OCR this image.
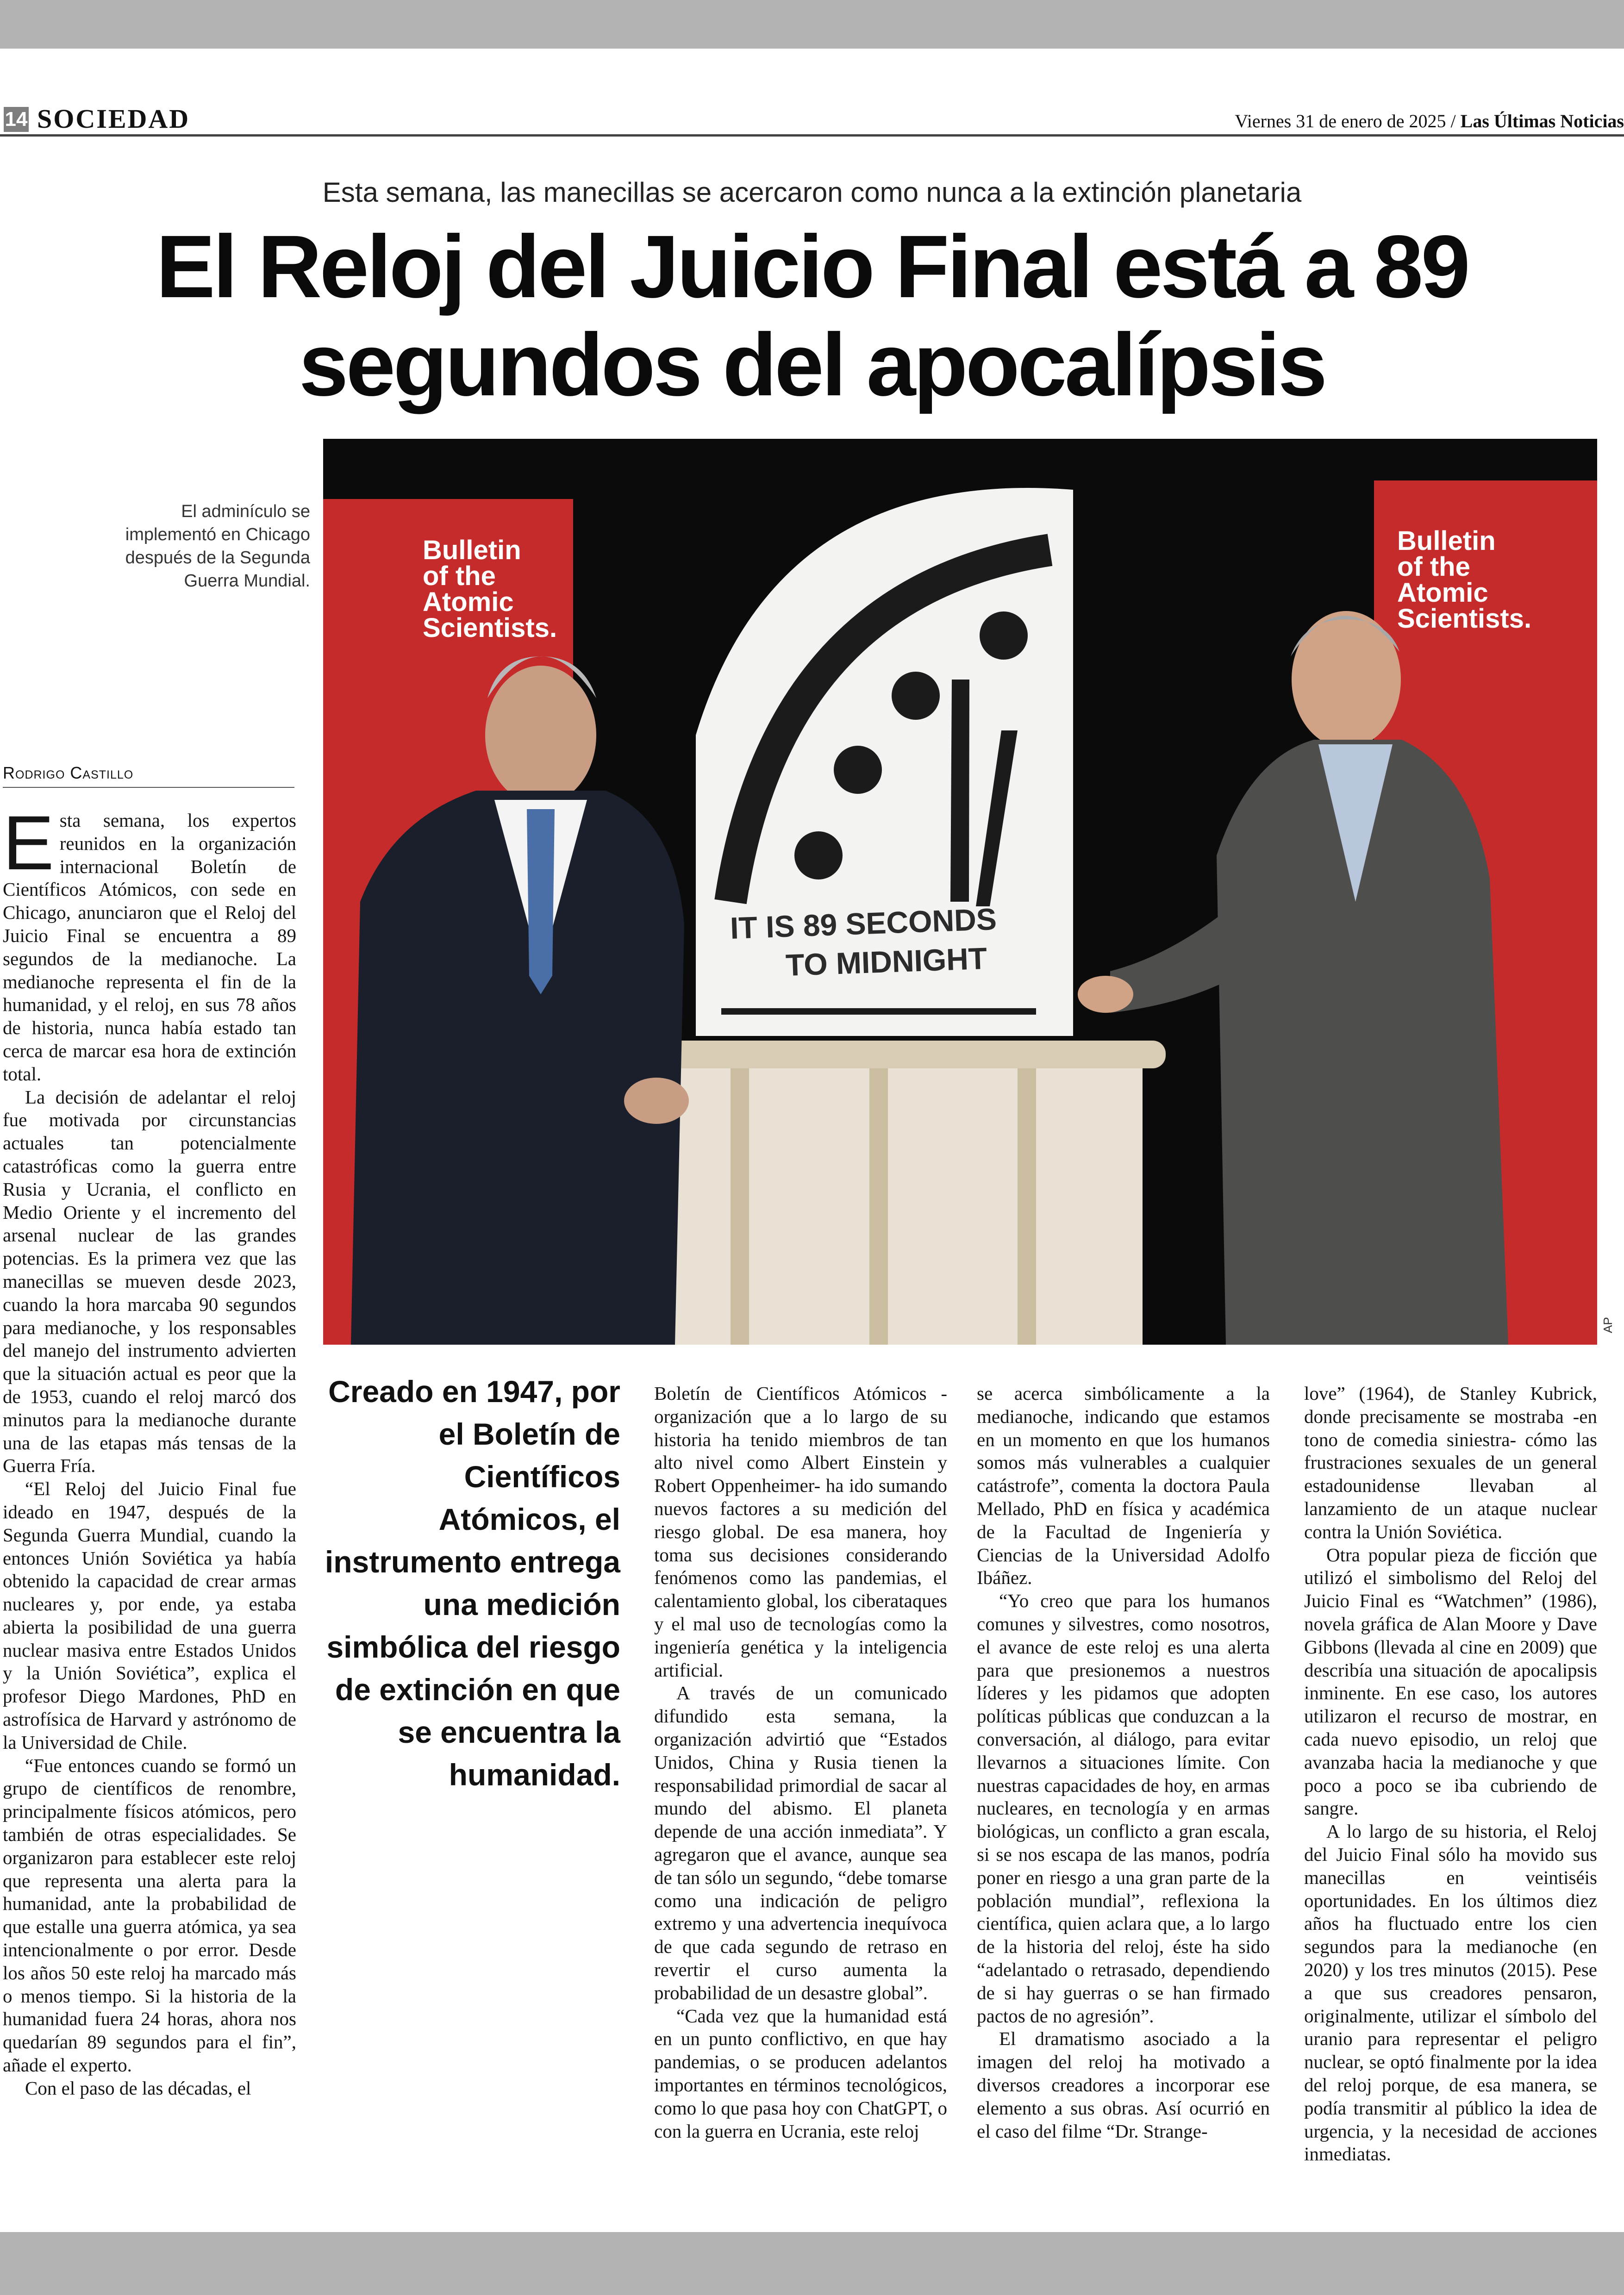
14 SOCIEDAD	Viernes 31 de enero de 2025 / Las Últimas Noticias
Esta semana, las manecillas se acercaron como nunca a la extinción planetaria
El Reloj del Juicio Final está a 89 segundos del apocalípsis
El adminículo se implementó en Chicago después de la Segunda Guerra Mundial.
Bulletin of the Atomic Scientists.
Bulletin of the Atomic Scientists.
IT IS 89 SECONDS
TO MIDNIGHT
AP
Rodrigo Castillo

Esta semana, los expertos reunidos en la organización internacional Boletín de Científicos Atómicos, con sede en Chicago, anunciaron que el Reloj del Juicio Final se encuentra a 89 segundos de la medianoche. La medianoche representa el fin de la humanidad, y el reloj, en sus 78 años de historia, nunca había estado tan cerca de marcar esa hora de extinción total.

La decisión de adelantar el reloj fue motivada por circunstancias actuales tan potencialmente catastróficas como la guerra entre Rusia y Ucrania, el conflicto en Medio Oriente y el incremento del arsenal nuclear de las grandes potencias. Es la primera vez que las manecillas se mueven desde 2023, cuando la hora marcaba 90 segundos para medianoche, y los responsables del manejo del instrumento advierten que la situación actual es peor que la de 1953, cuando el reloj marcó dos minutos para la medianoche durante una de las etapas más tensas de la Guerra Fría.

“El Reloj del Juicio Final fue ideado en 1947, después de la Segunda Guerra Mundial, cuando la entonces Unión Soviética ya había obtenido la capacidad de crear armas nucleares y, por ende, ya estaba abierta la posibilidad de una guerra nuclear masiva entre Estados Unidos y la Unión Soviética”, explica el profesor Diego Mardones, PhD en astrofísica de Harvard y astrónomo de la Universidad de Chile.

“Fue entonces cuando se formó un grupo de científicos de renombre, principalmente físicos atómicos, pero también de otras especialidades. Se organizaron para establecer este reloj que representa una alerta para la humanidad, ante la probabilidad de que estalle una guerra atómica, ya sea intencionalmente o por error. Desde los años 50 este reloj ha marcado más o menos tiempo. Si la historia de la humanidad fuera 24 horas, ahora nos quedarían 89 segundos para el fin”, añade el experto.

Con el paso de las décadas, el

Creado en 1947, por el Boletín de Científicos Atómicos, el instrumento entrega una medición simbólica del riesgo de extinción en que se encuentra la humanidad.

Boletín de Científicos Atómicos -organización que a lo largo de su historia ha tenido miembros de tan alto nivel como Albert Einstein y Robert Oppenheimer- ha ido sumando nuevos factores a su medición del riesgo global. De esa manera, hoy toma sus decisiones considerando fenómenos como las pandemias, el calentamiento global, los ciberataques y el mal uso de tecnologías como la ingeniería genética y la inteligencia artificial.

A través de un comunicado difundido esta semana, la organización advirtió que “Estados Unidos, China y Rusia tienen la responsabilidad primordial de sacar al mundo del abismo. El planeta depende de una acción inmediata”. Y agregaron que el avance, aunque sea de tan sólo un segundo, “debe tomarse como una indicación de peligro extremo y una advertencia inequívoca de que cada segundo de retraso en revertir el curso aumenta la probabilidad de un desastre global”.

“Cada vez que la humanidad está en un punto conflictivo, en que hay pandemias, o se producen adelantos importantes en términos tecnológicos, como lo que pasa hoy con ChatGPT, o con la guerra en Ucrania, este reloj

se acerca simbólicamente a la medianoche, indicando que estamos en un momento en que los humanos somos más vulnerables a cualquier catástrofe”, comenta la doctora Paula Mellado, PhD en física y académica de la Facultad de Ingeniería y Ciencias de la Universidad Adolfo Ibáñez.

“Yo creo que para los humanos comunes y silvestres, como nosotros, el avance de este reloj es una alerta para que presionemos a nuestros líderes y les pidamos que adopten políticas públicas que conduzcan a la conversación, al diálogo, para evitar llevarnos a situaciones límite. Con nuestras capacidades de hoy, en armas nucleares, en tecnología y en armas biológicas, un conflicto a gran escala, si se nos escapa de las manos, podría poner en riesgo a una gran parte de la población mundial”, reflexiona la científica, quien aclara que, a lo largo de la historia del reloj, éste ha sido “adelantado o retrasado, dependiendo de si hay guerras o se han firmado pactos de no agresión”.

El dramatismo asociado a la imagen del reloj ha motivado a diversos creadores a incorporar ese elemento a sus obras. Así ocurrió en el caso del filme “Dr. Strange-

love” (1964), de Stanley Kubrick, donde precisamente se mostraba -en tono de comedia siniestra- cómo las frustraciones sexuales de un general estadounidense llevaban al lanzamiento de un ataque nuclear contra la Unión Soviética.

Otra popular pieza de ficción que utilizó el simbolismo del Reloj del Juicio Final es “Watchmen” (1986), novela gráfica de Alan Moore y Dave Gibbons (llevada al cine en 2009) que describía una situación de apocalipsis inminente. En ese caso, los autores utilizaron el recurso de mostrar, en cada nuevo episodio, un reloj que avanzaba hacia la medianoche y que poco a poco se iba cubriendo de sangre.

A lo largo de su historia, el Reloj del Juicio Final sólo ha movido sus manecillas en veintiséis oportunidades. En los últimos diez años ha fluctuado entre los cien segundos para la medianoche (en 2020) y los tres minutos (2015). Pese a que sus creadores pensaron, originalmente, utilizar el símbolo del uranio para representar el peligro nuclear, se optó finalmente por la idea del reloj porque, de esa manera, se podía transmitir al público la idea de urgencia, y la necesidad de acciones inmediatas.
